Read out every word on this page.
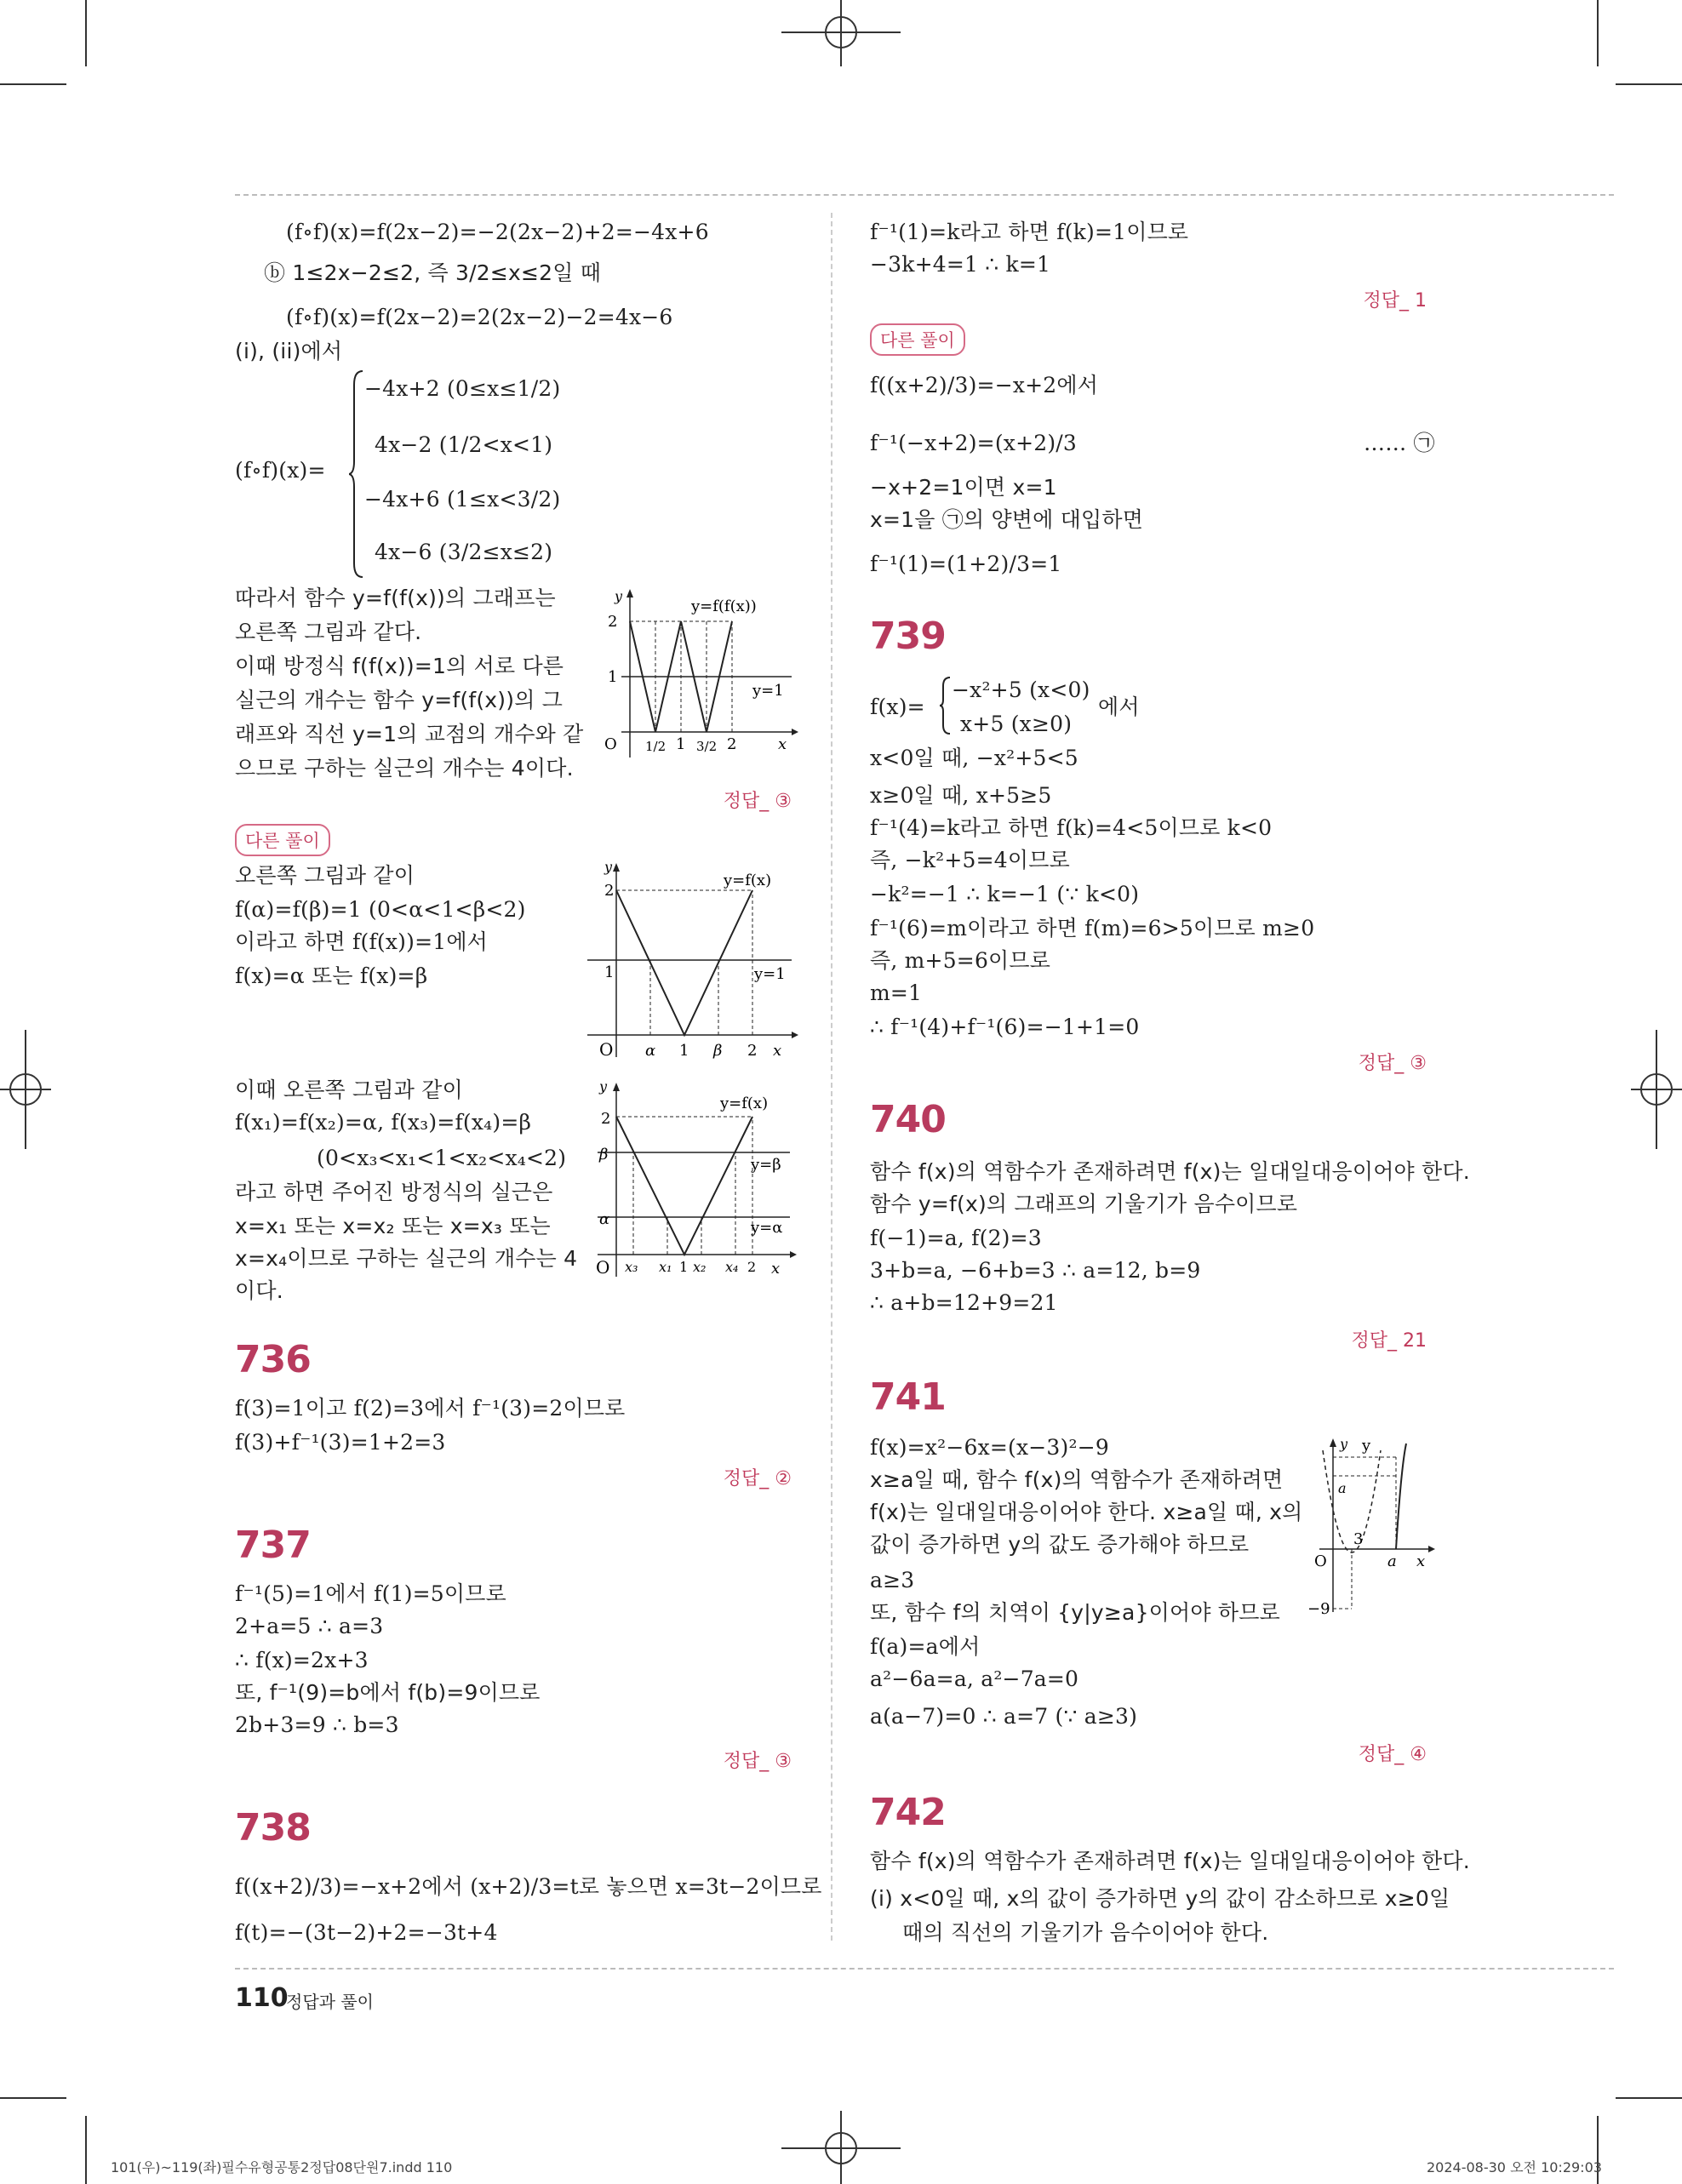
(f∘f)(x)=f(2x−2)=−2(2x−2)+2=−4x+6
ⓑ 1≤2x−2≤2, 즉 3/2≤x≤2일 때
(f∘f)(x)=f(2x−2)=2(2x−2)−2=4x−6
(i), (ii)에서
(f∘f)(x)=
−4x+2 (0≤x≤1/2)
4x−2 (1/2<x<1)
−4x+6 (1≤x<3/2)
4x−6 (3/2≤x≤2)
따라서 함수 y=f(f(x))의 그래프는
오른쪽 그림과 같다.
이때 방정식 f(f(x))=1의 서로 다른
실근의 개수는 함수 y=f(f(x))의 그
래프와 직선 y=1의 교점의 개수와 같
으므로 구하는 실근의 개수는 4이다.
y
2
1
O 1/2 1 3/2 2	x
y=f(f(x))
y=1
정답_ ③
다른 풀이
오른쪽 그림과 같이
f(α)=f(β)=1 (0<α<1<β<2)
이라고 하면 f(f(x))=1에서
f(x)=α 또는 f(x)=β
y
2
1
O α 1 β 2 x
y=f(x)
y=1
이때 오른쪽 그림과 같이
f(x₁)=f(x₂)=α, f(x₃)=f(x₄)=β
(0<x₃<x₁<1<x₂<x₄<2)
라고 하면 주어진 방정식의 실근은
x=x₁ 또는 x=x₂ 또는 x=x₃ 또는
x=x₄이므로 구하는 실근의 개수는 4
이다.
y
2
β
α
O x₃ x₁ 1 x₂ x₄ 2 x
y=f(x)
y=β
y=α
736
f(3)=1이고 f(2)=3에서 f⁻¹(3)=2이므로
f(3)+f⁻¹(3)=1+2=3
정답_ ②
737
f⁻¹(5)=1에서 f(1)=5이므로
2+a=5 ∴ a=3
∴ f(x)=2x+3
또, f⁻¹(9)=b에서 f(b)=9이므로
2b+3=9 ∴ b=3
정답_ ③
738
f((x+2)/3)=−x+2에서 (x+2)/3=t로 놓으면 x=3t−2이므로
f(t)=−(3t−2)+2=−3t+4
f⁻¹(1)=k라고 하면 f(k)=1이므로
−3k+4=1 ∴ k=1
정답_ 1
다른 풀이
f((x+2)/3)=−x+2에서
f⁻¹(−x+2)=(x+2)/3	…… ㉠
−x+2=1이면 x=1
x=1을 ㉠의 양변에 대입하면
f⁻¹(1)=(1+2)/3=1
739
f(x)=
−x²+5 (x<0)
x+5 (x≥0)
에서
x<0일 때, −x²+5<5
x≥0일 때, x+5≥5
f⁻¹(4)=k라고 하면 f(k)=4<5이므로 k<0
즉, −k²+5=4이므로
−k²=−1 ∴ k=−1 (∵ k<0)
f⁻¹(6)=m이라고 하면 f(m)=6>5이므로 m≥0
즉, m+5=6이므로
m=1
∴ f⁻¹(4)+f⁻¹(6)=−1+1=0
정답_ ③
740
함수 f(x)의 역함수가 존재하려면 f(x)는 일대일대응이어야 한다.
함수 y=f(x)의 그래프의 기울기가 음수이므로
f(−1)=a, f(2)=3
3+b=a, −6+b=3 ∴ a=12, b=9
∴ a+b=12+9=21
정답_ 21
741
f(x)=x²−6x=(x−3)²−9
x≥a일 때, 함수 f(x)의 역함수가 존재하려면
f(x)는 일대일대응이어야 한다. x≥a일 때, x의
값이 증가하면 y의 값도 증가해야 하므로
a≥3
또, 함수 f의 치역이 {y|y≥a}이어야 하므로
f(a)=a에서
a²−6a=a, a²−7a=0
a(a−7)=0 ∴ a=7 (∵ a≥3)
y
a
3
a x
O
−9
y
정답_ ④
742
함수 f(x)의 역함수가 존재하려면 f(x)는 일대일대응이어야 한다.
(i) x<0일 때, x의 값이 증가하면 y의 값이 감소하므로 x≥0일
때의 직선의 기울기가 음수이어야 한다.
110
정답과 풀이
101(우)~119(좌)필수유형공통2정답08단원7.indd 110	2024-08-30 오전 10:29:03
